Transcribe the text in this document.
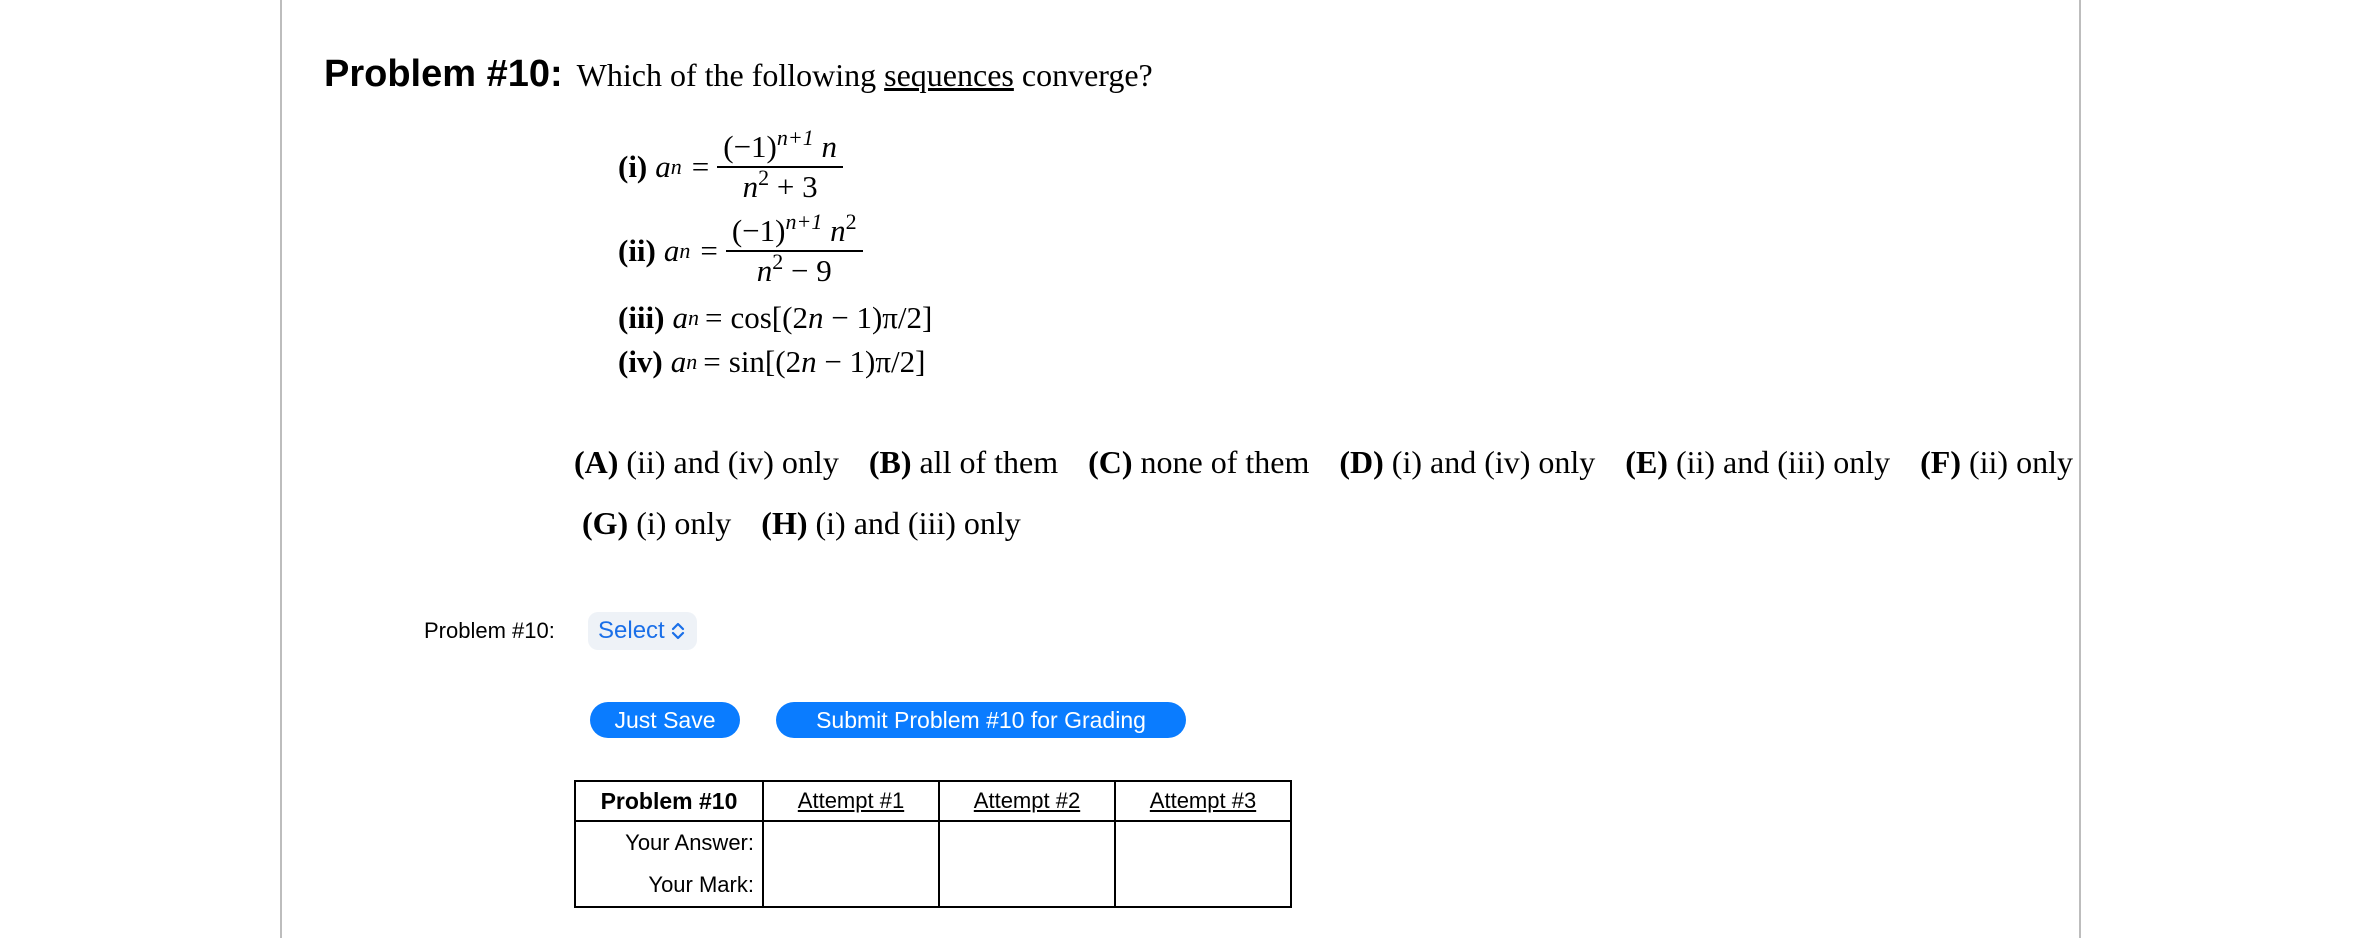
Problem #10: Which of the following sequences converge?
(i) a $n = \frac{(-1)^{n+1} n}{n^2 + 3}$
(ii) a $n = \frac{(-1)^{n+1} n^2}{n^2 - 9}$
(iii) a n = cos[(2n − 1)π/2]
(iv) a n = sin[(2n − 1)π/2]
(A) (ii) and (iv) only (B) all of them (C) none of them (D) (i) and (iv) only (E) (ii) and (iii) only (F) (ii) only
(G) (i) only (H) (i) and (iii) only
Problem #10: Select
Just Save	Submit Problem #10 for Grading
Problem #10	Attempt #1	Attempt #2	Attempt #3
Your Answer:			
Your Mark:			
